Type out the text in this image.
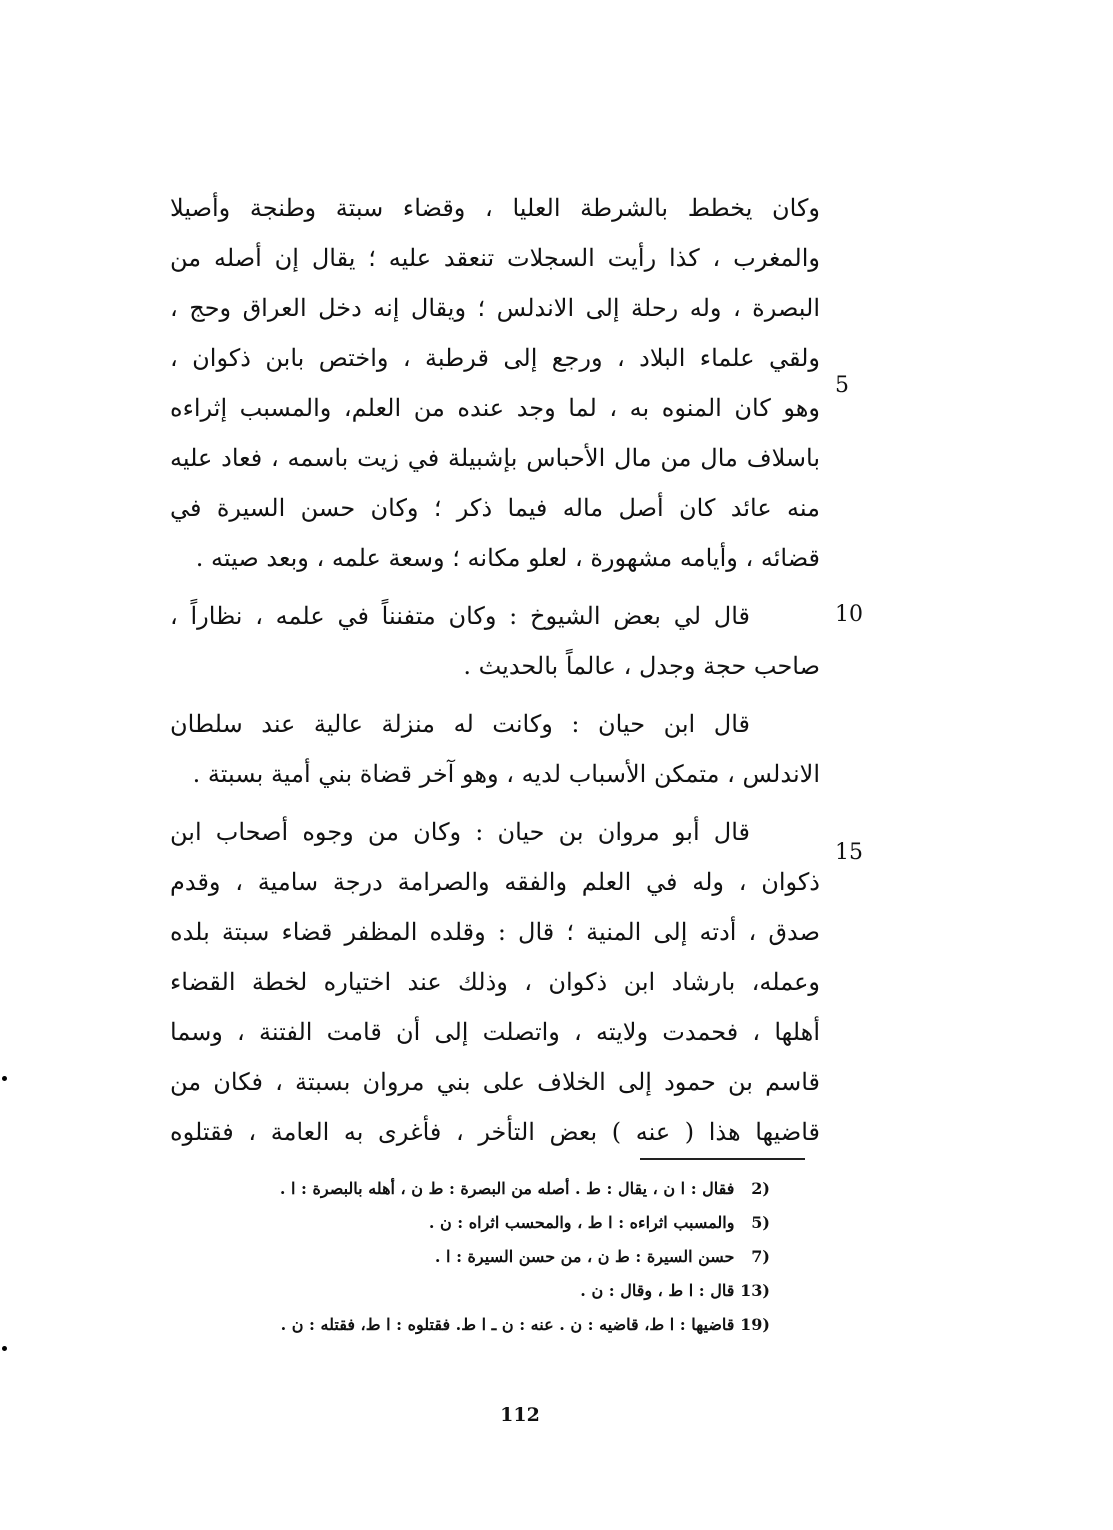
وكان يخطط بالشرطة العليا ، وقضاء سبتة وطنجة وأصيلا
والمغرب ، كذا رأيت السجلات تنعقد عليه ؛ يقال إن أصله من
البصرة ، وله رحلة إلى الاندلس ؛ ويقال إنه دخل العراق وحج ،
ولقي علماء البلاد ، ورجع إلى قرطبة ، واختص بابن ذكوان ،
وهو كان المنوه به ، لما وجد عنده من العلم، والمسبب إثراءه
باسلاف مال من مال الأحباس بإشبيلة في زيت باسمه ، فعاد عليه
منه عائد كان أصل ماله فيما ذكر ؛ وكان حسن السيرة في
قضائه ، وأيامه مشهورة ، لعلو مكانه ؛ وسعة علمه ، وبعد صيته .
قال لي بعض الشيوخ : وكان متفنناً في علمه ، نظاراً ،
صاحب حجة وجدل ، عالماً بالحديث .
قال ابن حيان : وكانت له منزلة عالية عند سلطان
الاندلس ، متمكن الأسباب لديه ، وهو آخر قضاة بني أمية بسبتة .
قال أبو مروان بن حيان : وكان من وجوه أصحاب ابن
ذكوان ، وله في العلم والفقه والصرامة درجة سامية ، وقدم
صدق ، أدته إلى المنية ؛ قال : وقلده المظفر قضاء سبتة بلده
وعمله، بارشاد ابن ذكوان ، وذلك عند اختياره لخطة القضاء
أهلها ، فحمدت ولايته ، واتصلت إلى أن قامت الفتنة ، وسما
قاسم بن حمود إلى الخلاف على بني مروان بسبتة ، فكان من
قاضيها هذا ( عنه ) بعض التأخر ، فأغرى به العامة ، فقتلوه
5
10
15
2) فقال : ا ن ، يقال : ط . أصله من البصرة : ط ن ، أهله بالبصرة : ا .
5) والمسبب اثراءه : ا ط ، والمحسب اثراه : ن .
7) حسن السيرة : ط ن ، من حسن السيرة : ا .
13) قال : ا ط ، وقال : ن .
19) قاضيها : ا ط، قاضيه : ن . عنه : ن ـ ا ط. فقتلوه : ا ط، فقتله : ن .
112
